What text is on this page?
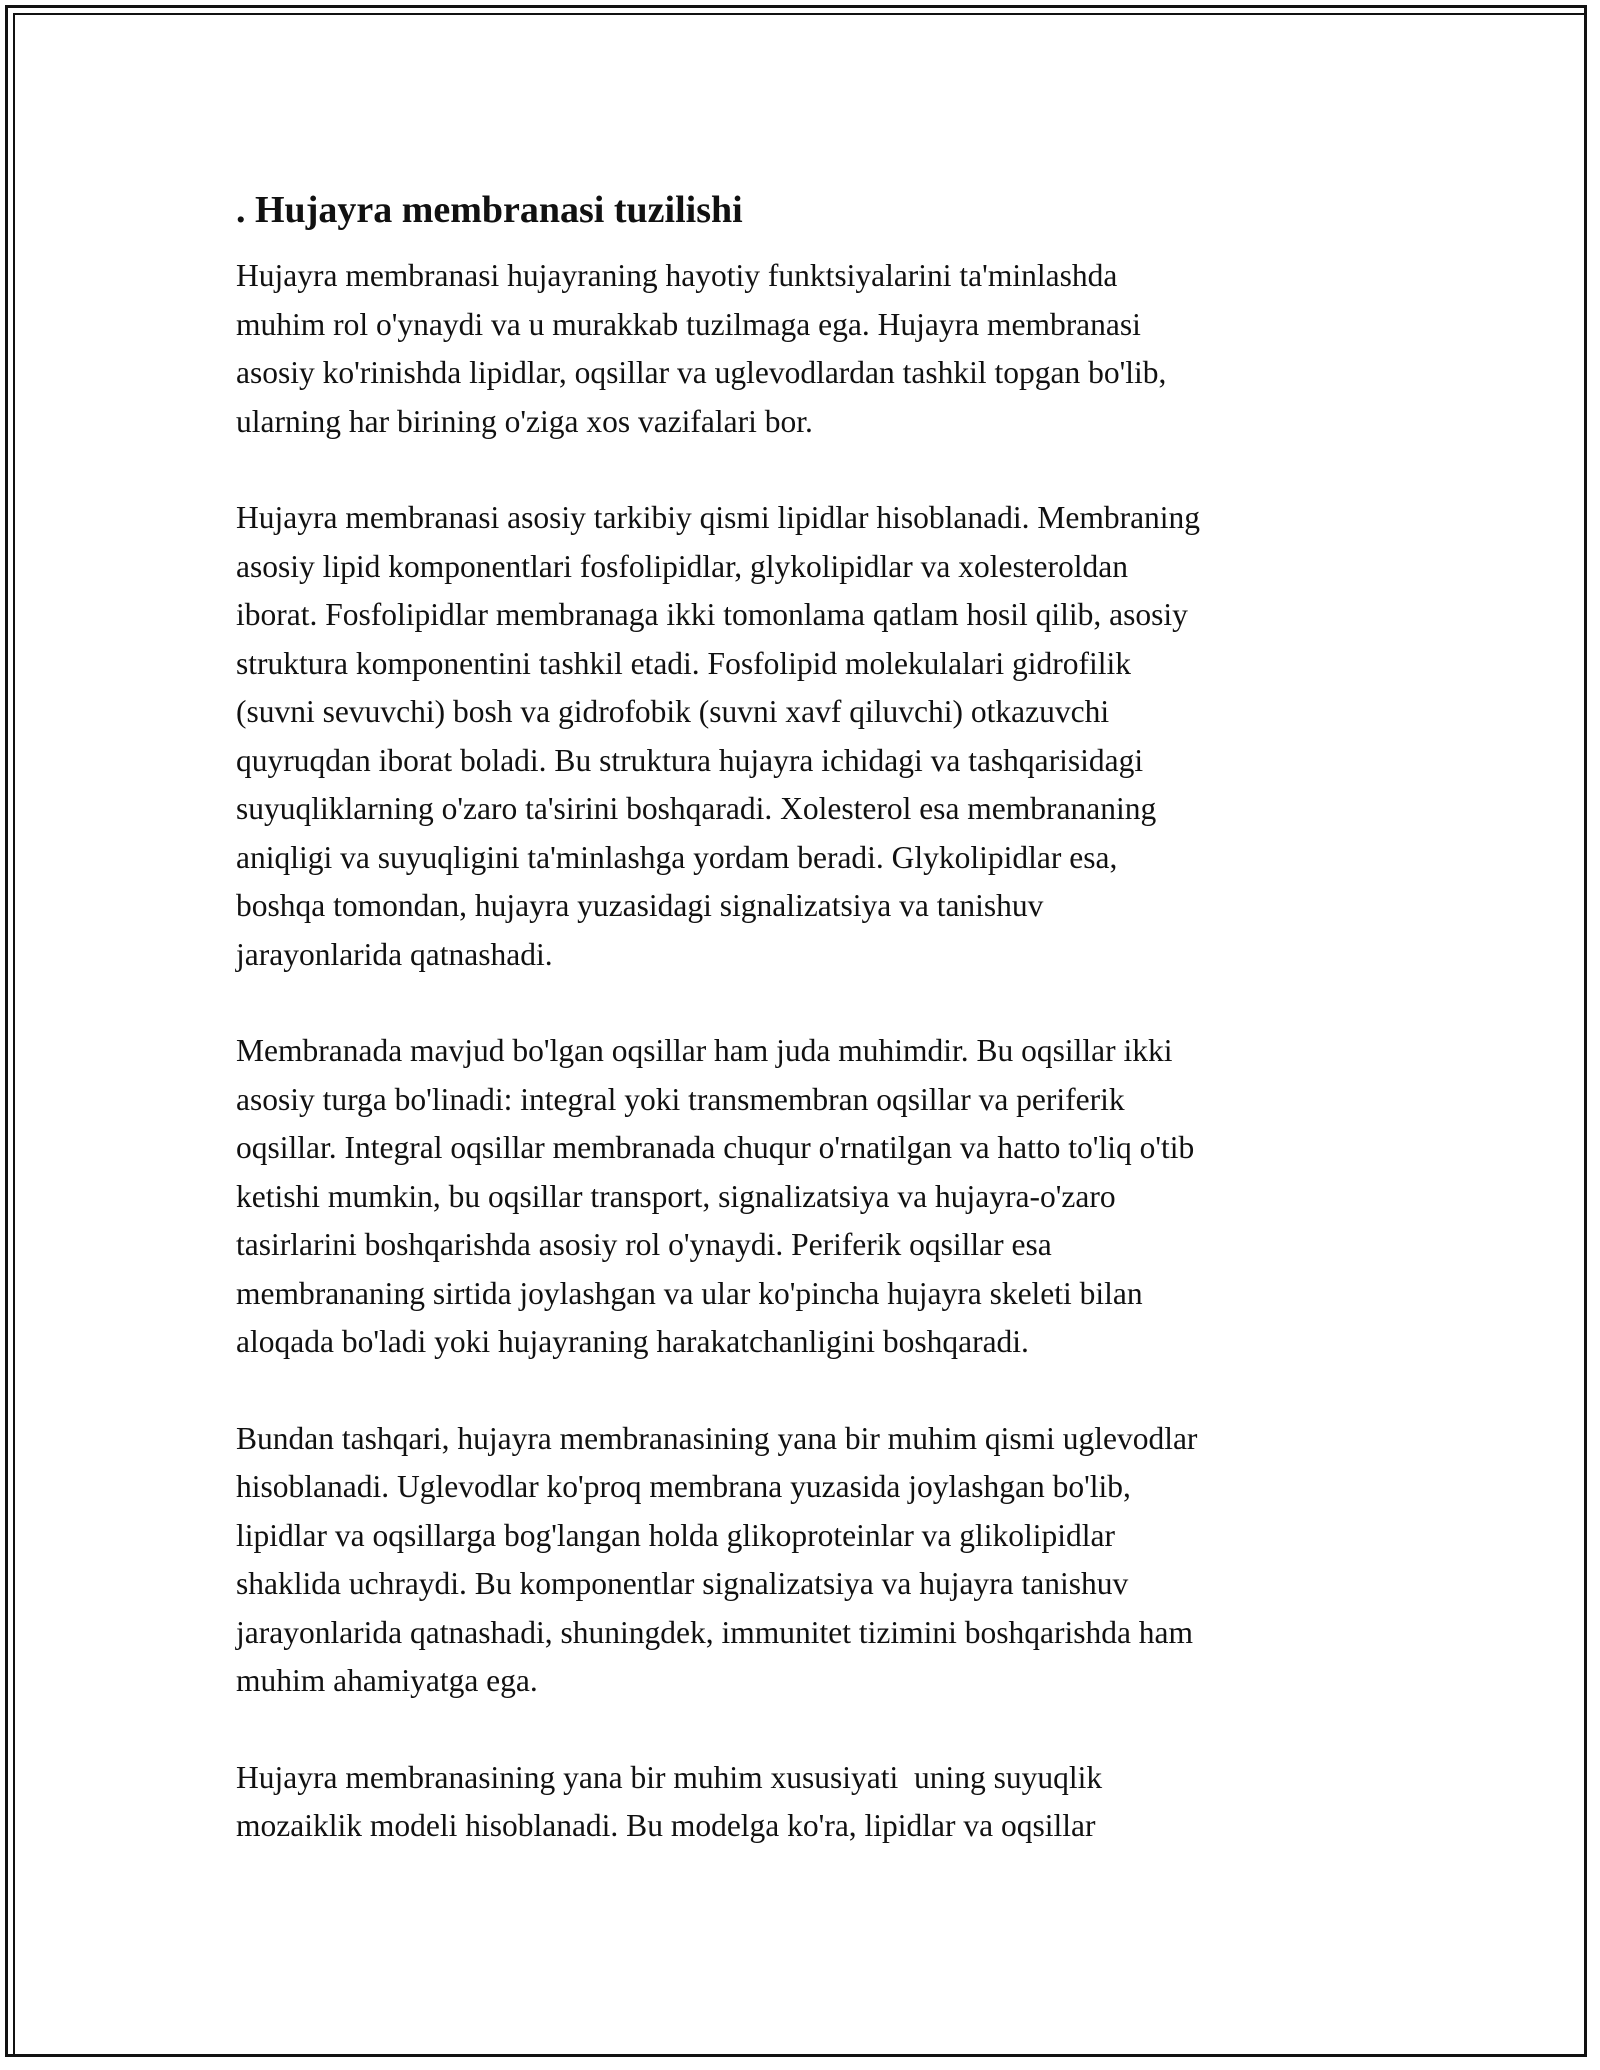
. Hujayra membranasi tuzilishi

Hujayra membranasi hujayraning hayotiy funktsiyalarini ta'minlashda
muhim rol o'ynaydi va u murakkab tuzilmaga ega. Hujayra membranasi
asosiy ko'rinishda lipidlar, oqsillar va uglevodlardan tashkil topgan bo'lib,
ularning har birining o'ziga xos vazifalari bor.

Hujayra membranasi asosiy tarkibiy qismi lipidlar hisoblanadi. Membraning
asosiy lipid komponentlari fosfolipidlar, glykolipidlar va xolesteroldan
iborat. Fosfolipidlar membranaga ikki tomonlama qatlam hosil qilib, asosiy
struktura komponentini tashkil etadi. Fosfolipid molekulalari gidrofilik
(suvni sevuvchi) bosh va gidrofobik (suvni xavf qiluvchi) otkazuvchi
quyruqdan iborat boladi. Bu struktura hujayra ichidagi va tashqarisidagi
suyuqliklarning o'zaro ta'sirini boshqaradi. Xolesterol esa membrananing
aniqligi va suyuqligini ta'minlashga yordam beradi. Glykolipidlar esa,
boshqa tomondan, hujayra yuzasidagi signalizatsiya va tanishuv
jarayonlarida qatnashadi.

Membranada mavjud bo'lgan oqsillar ham juda muhimdir. Bu oqsillar ikki
asosiy turga bo'linadi: integral yoki transmembran oqsillar va periferik
oqsillar. Integral oqsillar membranada chuqur o'rnatilgan va hatto to'liq o'tib
ketishi mumkin, bu oqsillar transport, signalizatsiya va hujayra-o'zaro
tasirlarini boshqarishda asosiy rol o'ynaydi. Periferik oqsillar esa
membrananing sirtida joylashgan va ular ko'pincha hujayra skeleti bilan
aloqada bo'ladi yoki hujayraning harakatchanligini boshqaradi.

Bundan tashqari, hujayra membranasining yana bir muhim qismi uglevodlar
hisoblanadi. Uglevodlar ko'proq membrana yuzasida joylashgan bo'lib,
lipidlar va oqsillarga bog'langan holda glikoproteinlar va glikolipidlar
shaklida uchraydi. Bu komponentlar signalizatsiya va hujayra tanishuv
jarayonlarida qatnashadi, shuningdek, immunitet tizimini boshqarishda ham
muhim ahamiyatga ega.

Hujayra membranasining yana bir muhim xususiyati  uning suyuqlik
mozaiklik modeli hisoblanadi. Bu modelga ko'ra, lipidlar va oqsillar
